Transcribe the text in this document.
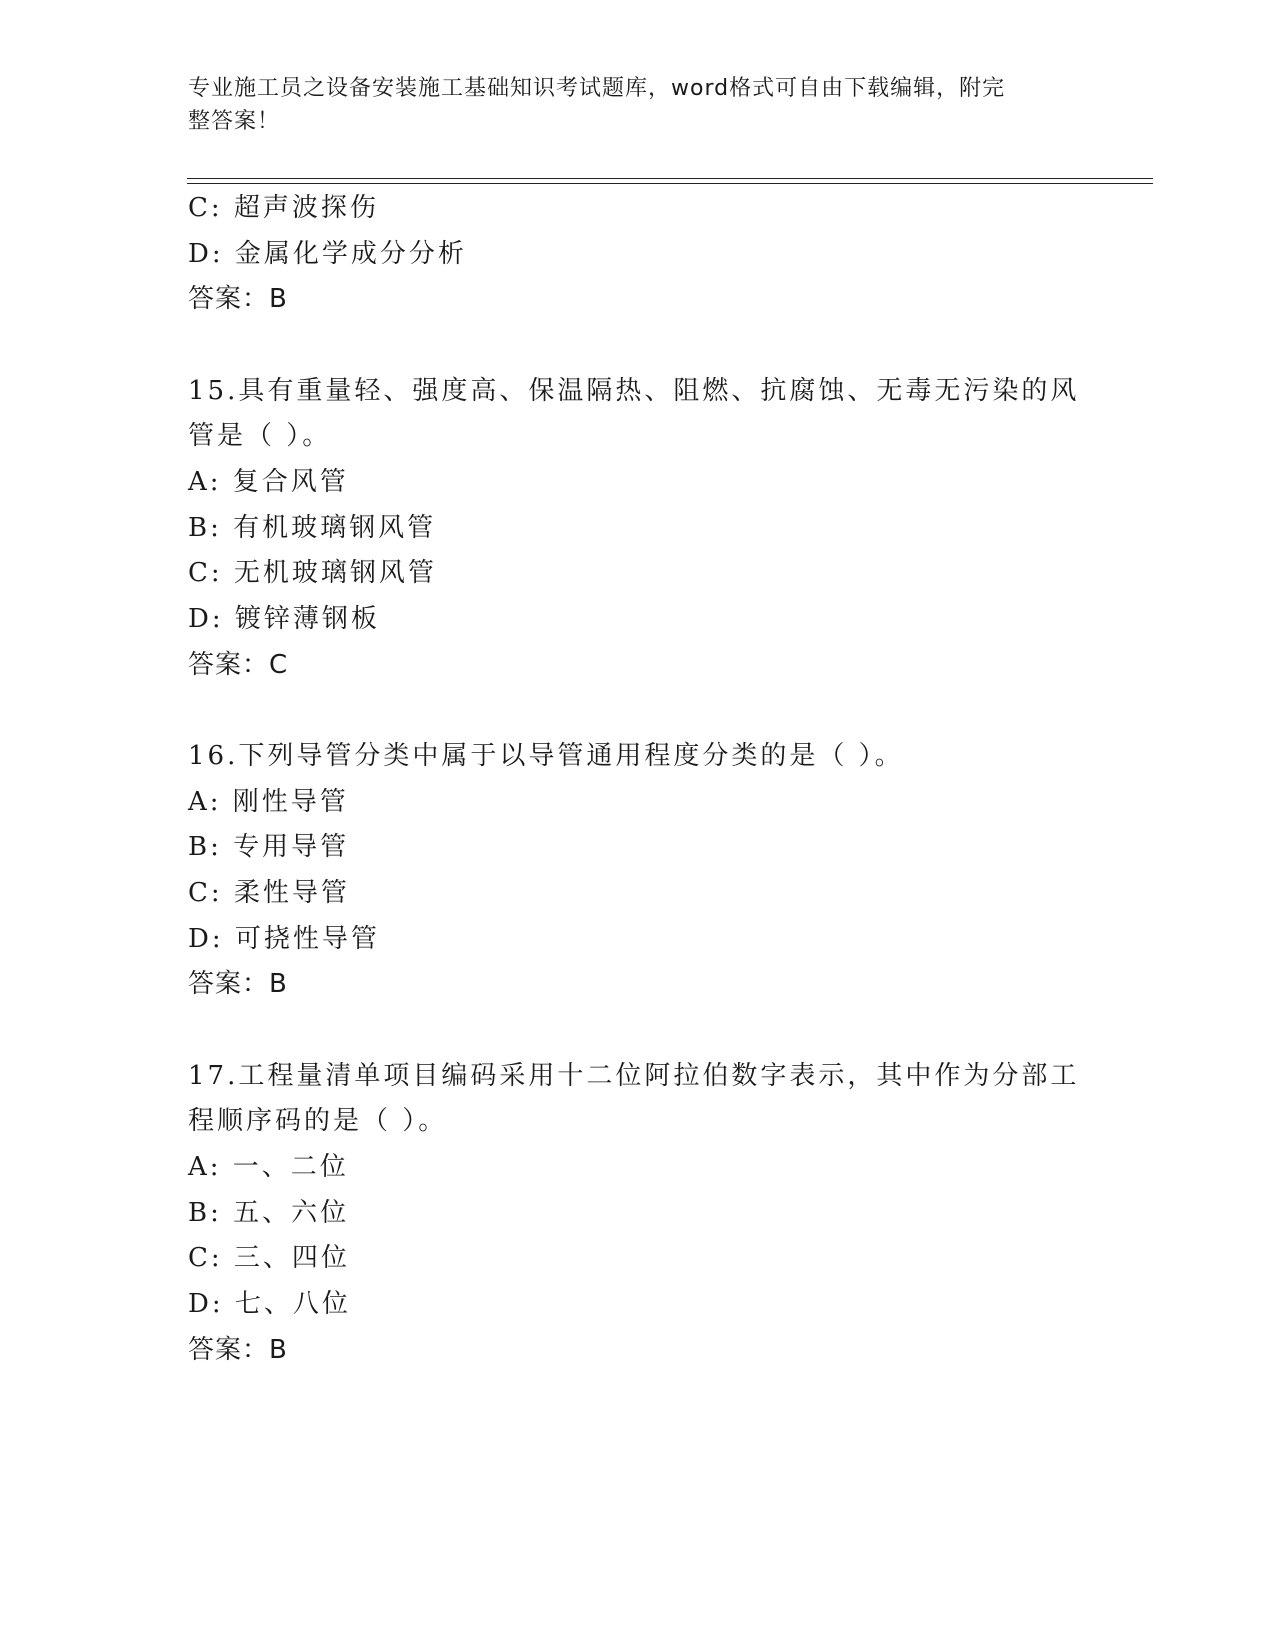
专业施工员之设备安装施工基础知识考试题库，word格式可自由下载编辑，附完
整答案！
C: 超声波探伤
D: 金属化学成分分析
答案：B
15.具有重量轻、强度高、保温隔热、阻燃、抗腐蚀、无毒无污染的风
管是（ ）。
A: 复合风管
B: 有机玻璃钢风管
C: 无机玻璃钢风管
D: 镀锌薄钢板
答案：C
16.下列导管分类中属于以导管通用程度分类的是（ ）。
A: 刚性导管
B: 专用导管
C: 柔性导管
D: 可挠性导管
答案：B
17.工程量清单项目编码采用十二位阿拉伯数字表示，其中作为分部工
程顺序码的是（ ）。
A: 一、二位
B: 五、六位
C: 三、四位
D: 七、八位
答案：B
